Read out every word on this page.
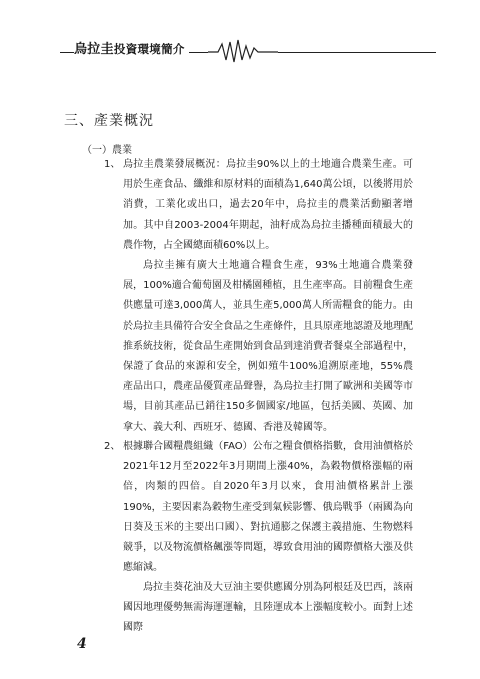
烏拉圭投資環境簡介
三、產業概況
（一）農業
1、 烏拉圭農業發展概況：烏拉圭90%以上的土地適合農業生產。可用於生產食品、纖維和原材料的面積為1,640萬公頃，以後將用於消費，工業化或出口，過去20年中，烏拉圭的農業活動顯著增加。其中自2003-2004年期起，油籽成為烏拉圭播種面積最大的農作物，占全國總面積60%以上。
烏拉圭擁有廣大土地適合糧食生產，93%土地適合農業發展，100%適合葡萄園及柑橘園種植，且生產率高。目前糧食生產供應量可達3,000萬人，並具生產5,000萬人所需糧食的能力。由於烏拉圭具備符合安全食品之生產條件，且具原產地認證及地理配推系統技術，從食品生產開始到食品到達消費者餐桌全部過程中，保證了食品的來源和安全，例如殖牛100%追溯原產地，55%農產品出口，農產品優質產品聲譽，為烏拉圭打開了歐洲和美國等市場，目前其產品已銷往150多個國家/地區，包括美國、英國、加拿大、義大利、西班牙、德國、香港及韓國等。
2、 根據聯合國糧農組織（FAO）公布之糧食價格指數，食用油價格於2021年12月至2022年3月期間上漲40%，為穀物價格漲幅的兩倍，肉類的四倍。自2020年3月以來，食用油價格累計上漲190%，主要因素為穀物生產受到氣候影響、俄烏戰爭（兩國為向日葵及玉米的主要出口國）、對抗通膨之保護主義措施、生物燃料競爭，以及物流價格飆漲等問題，導致食用油的國際價格大漲及供應縮減。
烏拉圭葵花油及大豆油主要供應國分別為阿根廷及巴西，該兩國因地理優勢無需海運運輸，且陸運成本上漲幅度較小。面對上述國際
4
